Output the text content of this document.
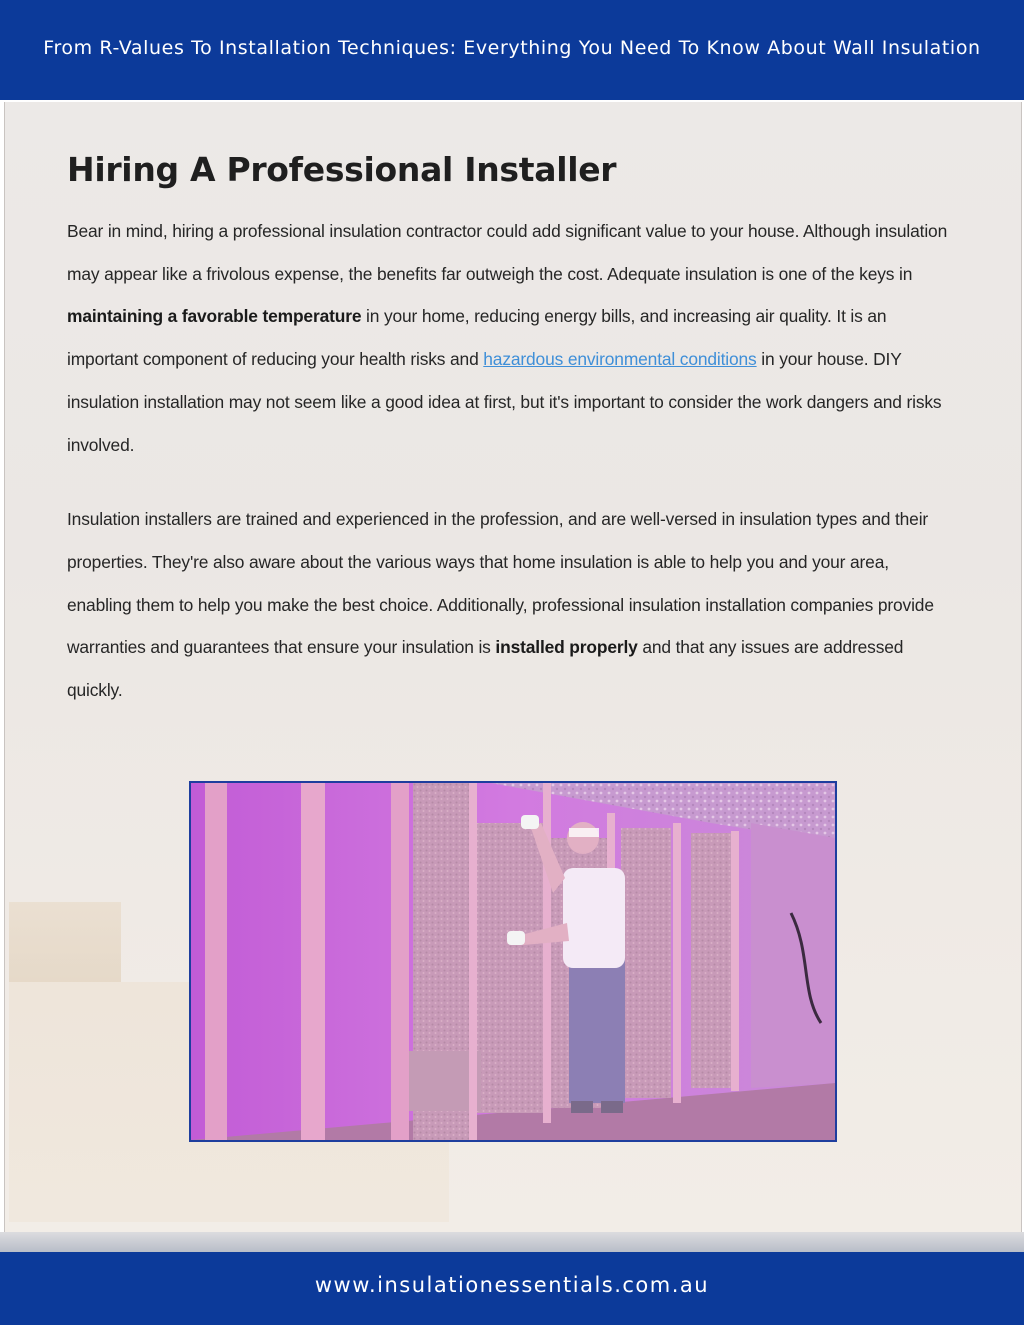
From R-Values To Installation Techniques: Everything You Need To Know About Wall Insulation
Hiring A Professional Installer

Bear in mind, hiring a professional insulation contractor could add significant value to your house. Although insulation may appear like a frivolous expense, the benefits far outweigh the cost. Adequate insulation is one of the keys in maintaining a favorable temperature in your home, reducing energy bills, and increasing air quality. It is an important component of reducing your health risks and hazardous environmental conditions in your house. DIY insulation installation may not seem like a good idea at first, but it's important to consider the work dangers and risks involved.

Insulation installers are trained and experienced in the profession, and are well-versed in insulation types and their properties. They're also aware about the various ways that home insulation is able to help you and your area, enabling them to help you make the best choice. Additionally, professional insulation installation companies provide warranties and guarantees that ensure your insulation is installed properly and that any issues are addressed quickly.

www.insulationessentials.com.au
